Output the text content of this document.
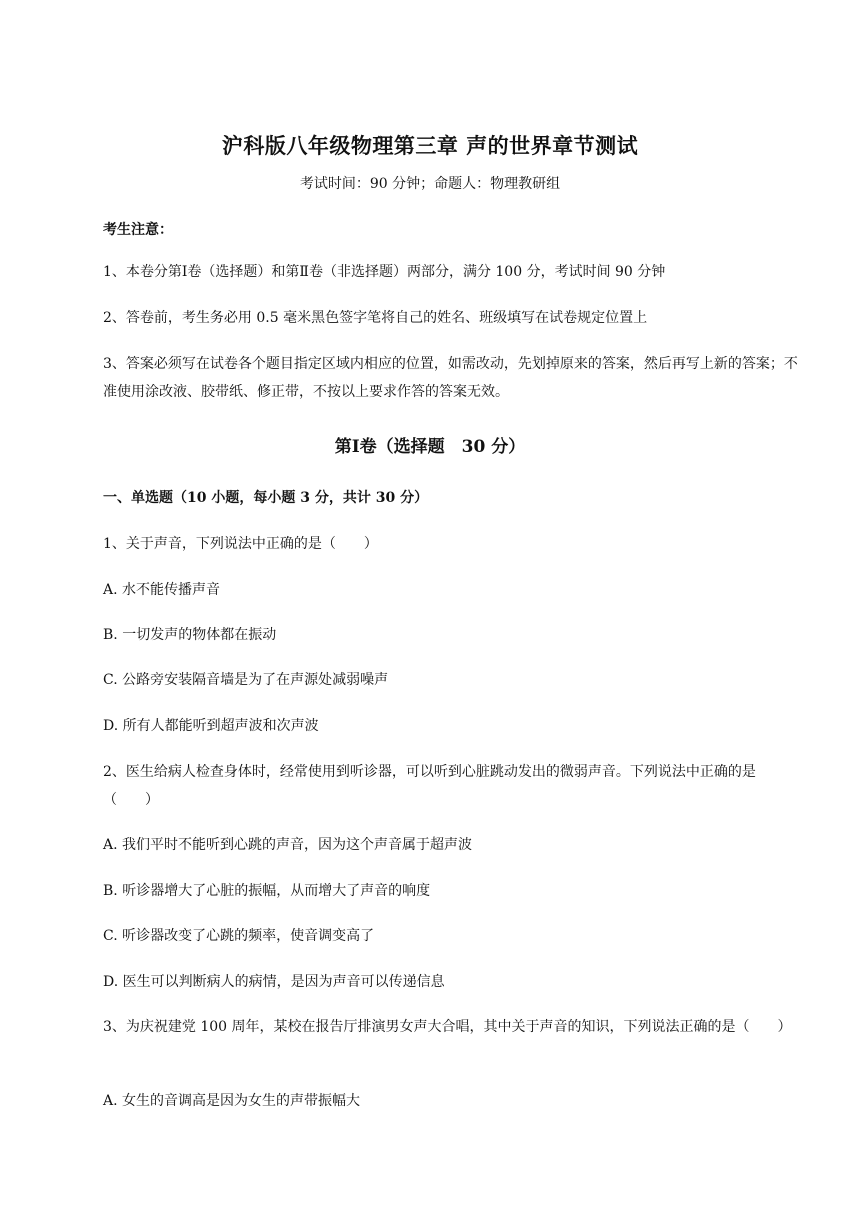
沪科版八年级物理第三章 声的世界章节测试
考试时间：90 分钟；命题人：物理教研组
考生注意：
1、本卷分第Ⅰ卷（选择题）和第Ⅱ卷（非选择题）两部分，满分 100 分，考试时间 90 分钟
2、答卷前，考生务必用 0.5 毫米黑色签字笔将自己的姓名、班级填写在试卷规定位置上
3、答案必须写在试卷各个题目指定区域内相应的位置，如需改动，先划掉原来的答案，然后再写上新的答案；不准使用涂改液、胶带纸、修正带，不按以上要求作答的答案无效。
第Ⅰ卷（选择题　30 分）
一、单选题（10 小题，每小题 3 分，共计 30 分）
1、关于声音，下列说法中正确的是（　　）
A. 水不能传播声音
B. 一切发声的物体都在振动
C. 公路旁安装隔音墙是为了在声源处减弱噪声
D. 所有人都能听到超声波和次声波
2、医生给病人检查身体时，经常使用到听诊器，可以听到心脏跳动发出的微弱声音。下列说法中正确的是（　　）
A. 我们平时不能听到心跳的声音，因为这个声音属于超声波
B. 听诊器增大了心脏的振幅，从而增大了声音的响度
C. 听诊器改变了心跳的频率，使音调变高了
D. 医生可以判断病人的病情，是因为声音可以传递信息
3、为庆祝建党 100 周年，某校在报告厅排演男女声大合唱，其中关于声音的知识，下列说法正确的是（　　）
A. 女生的音调高是因为女生的声带振幅大
